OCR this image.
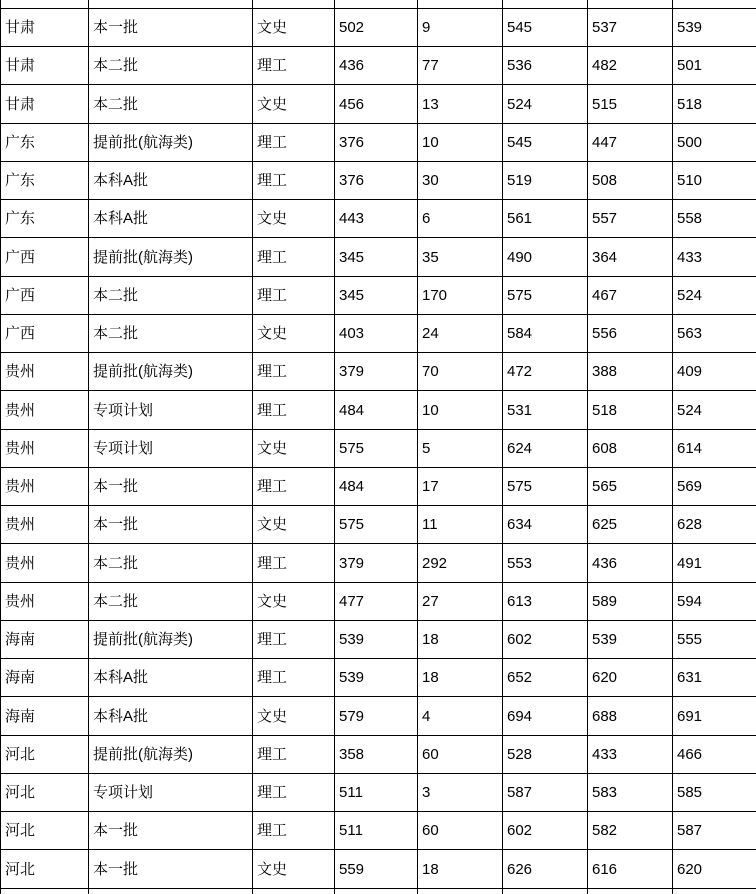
甘肃	本一批	文史	502	9	545	537	539
甘肃	本二批	理工	436	77	536	482	501
甘肃	本二批	文史	456	13	524	515	518
广东	提前批(航海类)	理工	376	10	545	447	500
广东	本科A批	理工	376	30	519	508	510
广东	本科A批	文史	443	6	561	557	558
广西	提前批(航海类)	理工	345	35	490	364	433
广西	本二批	理工	345	170	575	467	524
广西	本二批	文史	403	24	584	556	563
贵州	提前批(航海类)	理工	379	70	472	388	409
贵州	专项计划	理工	484	10	531	518	524
贵州	专项计划	文史	575	5	624	608	614
贵州	本一批	理工	484	17	575	565	569
贵州	本一批	文史	575	11	634	625	628
贵州	本二批	理工	379	292	553	436	491
贵州	本二批	文史	477	27	613	589	594
海南	提前批(航海类)	理工	539	18	602	539	555
海南	本科A批	理工	539	18	652	620	631
海南	本科A批	文史	579	4	694	688	691
河北	提前批(航海类)	理工	358	60	528	433	466
河北	专项计划	理工	511	3	587	583	585
河北	本一批	理工	511	60	602	582	587
河北	本一批	文史	559	18	626	616	620
